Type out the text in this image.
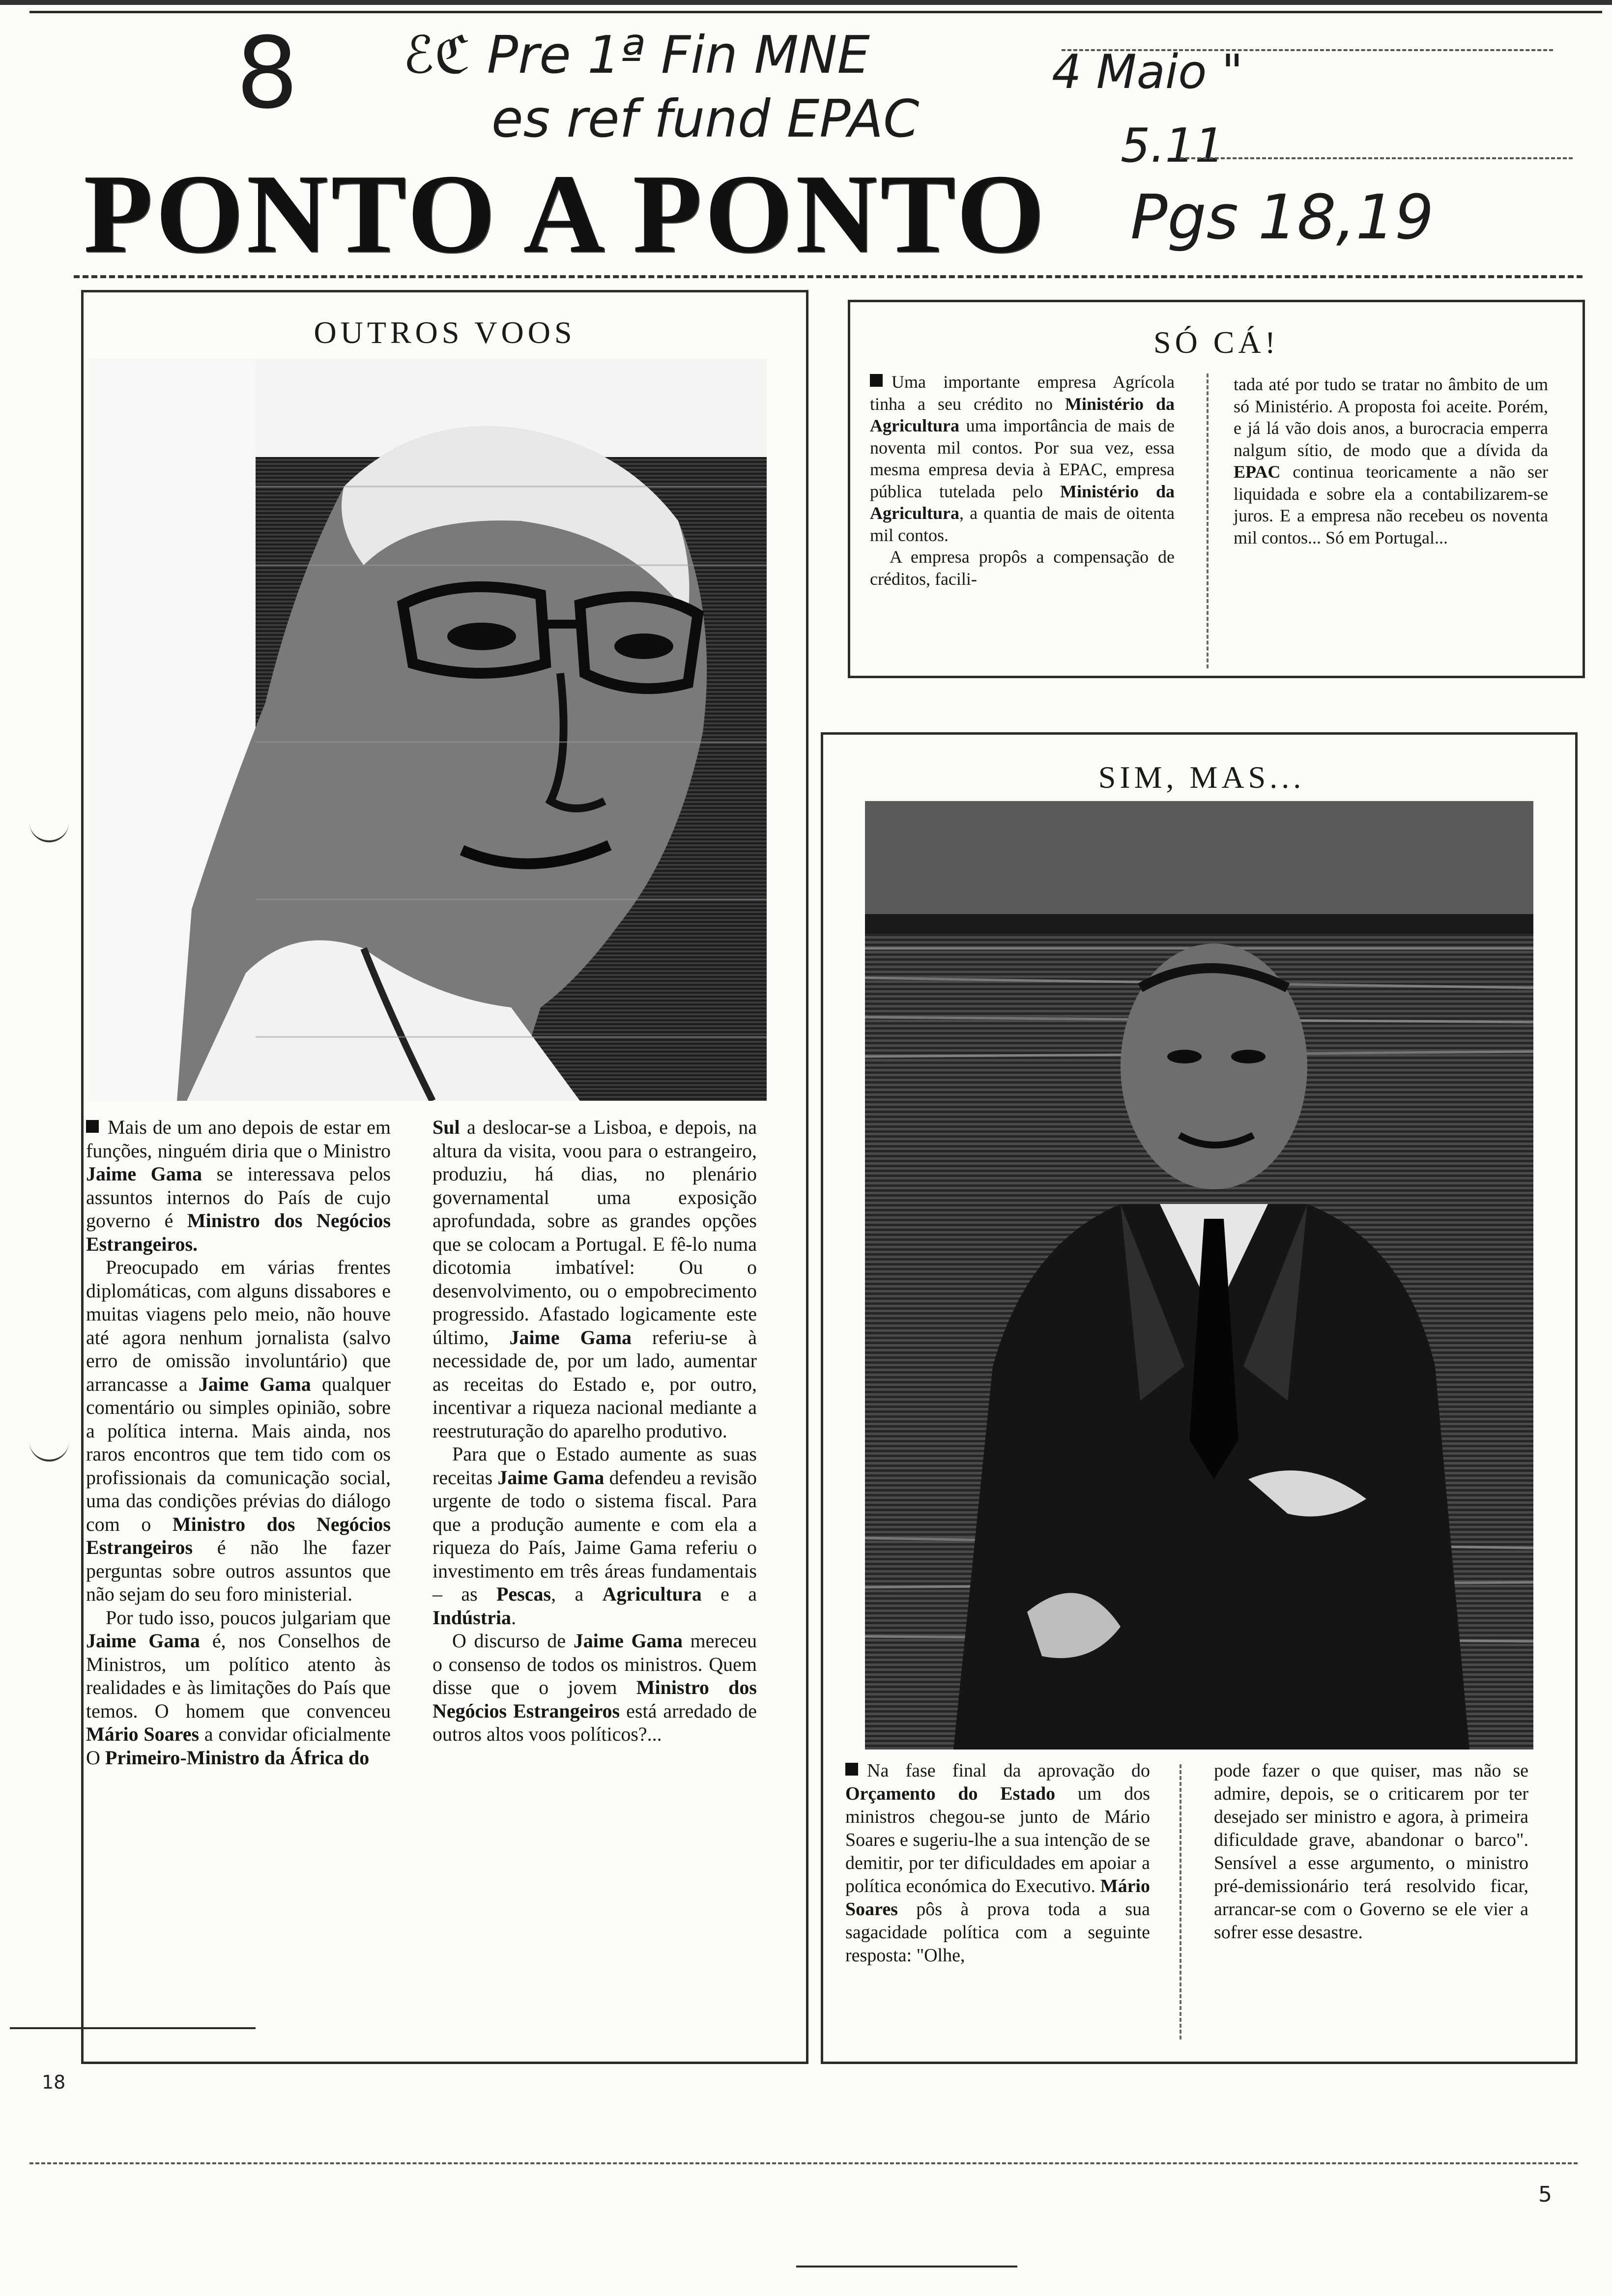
8 ℰℭ Pre 1ª Fin MNE
es ref fund EPAC
4 Maio "
5.11
Pgs 18,19
PONTO A PONTO
OUTROS VOOS

Mais de um ano depois de estar em funções, ninguém diria que o Ministro Jaime Gama se interessava pelos assuntos internos do País de cujo governo é Ministro dos Negócios Estrangeiros.

Preocupado em várias frentes diplomáticas, com alguns dissabores e muitas viagens pelo meio, não houve até agora nenhum jornalista (salvo erro de omissão involuntário) que arrancasse a Jaime Gama qualquer comentário ou simples opinião, sobre a política interna. Mais ainda, nos raros encontros que tem tido com os profissionais da comunicação social, uma das condições prévias do diálogo com o Ministro dos Negócios Estrangeiros é não lhe fazer perguntas sobre outros assuntos que não sejam do seu foro ministerial.

Por tudo isso, poucos julgariam que Jaime Gama é, nos Conselhos de Ministros, um político atento às realidades e às limitações do País que temos. O homem que convenceu Mário Soares a convidar oficialmente O Primeiro-Ministro da África do

Sul a deslocar-se a Lisboa, e depois, na altura da visita, voou para o estrangeiro, produziu, há dias, no plenário governamental uma exposição aprofundada, sobre as grandes opções que se colocam a Portugal. E fê-lo numa dicotomia imbatível: Ou o desenvolvimento, ou o empobrecimento progressido. Afastado logicamente este último, Jaime Gama referiu-se à necessidade de, por um lado, aumentar as receitas do Estado e, por outro, incentivar a riqueza nacional mediante a reestruturação do aparelho produtivo.

Para que o Estado aumente as suas receitas Jaime Gama defendeu a revisão urgente de todo o sistema fiscal. Para que a produção aumente e com ela a riqueza do País, Jaime Gama referiu o investimento em três áreas fundamentais – as Pescas, a Agricultura e a Indústria.

O discurso de Jaime Gama mereceu o consenso de todos os ministros. Quem disse que o jovem Ministro dos Negócios Estrangeiros está arredado de outros altos voos políticos?...

SÓ CÁ!

Uma importante empresa Agrícola tinha a seu crédito no Ministério da Agricultura uma importância de mais de noventa mil contos. Por sua vez, essa mesma empresa devia à EPAC, empresa pública tutelada pelo Ministério da Agricultura, a quantia de mais de oitenta mil contos.

A empresa propôs a compensação de créditos, facili-

tada até por tudo se tratar no âmbito de um só Ministério. A proposta foi aceite. Porém, e já lá vão dois anos, a burocracia emperra nalgum sítio, de modo que a dívida da EPAC continua teoricamente a não ser liquidada e sobre ela a contabilizarem-se juros. E a empresa não recebeu os noventa mil contos... Só em Portugal...

SIM, MAS...

Na fase final da aprovação do Orçamento do Estado um dos ministros chegou-se junto de Mário Soares e sugeriu-lhe a sua intenção de se demitir, por ter dificuldades em apoiar a política económica do Executivo. Mário Soares pôs à prova toda a sua sagacidade política com a seguinte resposta: "Olhe,

pode fazer o que quiser, mas não se admire, depois, se o criticarem por ter desejado ser ministro e agora, à primeira dificuldade grave, abandonar o barco". Sensível a esse argumento, o ministro pré-demissionário terá resolvido ficar, arrancar-se com o Governo se ele vier a sofrer esse desastre.

18
5
